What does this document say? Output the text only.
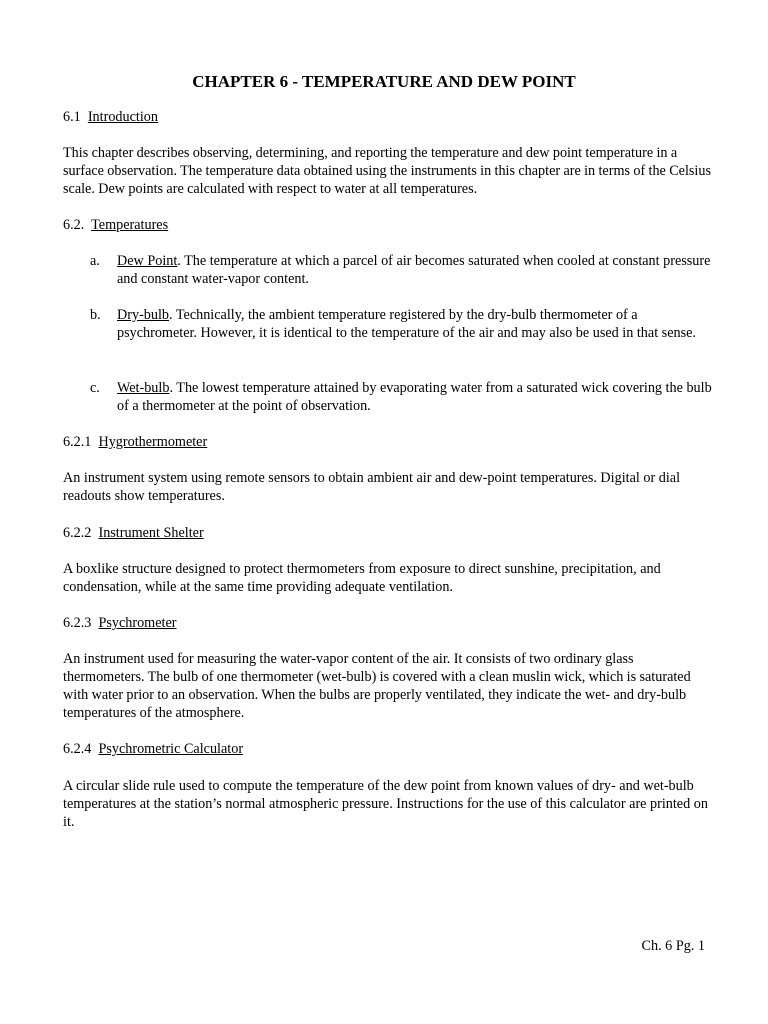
CHAPTER 6 - TEMPERATURE AND DEW POINT

6.1 Introduction

This chapter describes observing, determining, and reporting the temperature and dew point temperature in a surface observation. The temperature data obtained using the instruments in this chapter are in terms of the Celsius scale. Dew points are calculated with respect to water at all temperatures.

6.2. Temperatures

a.	Dew Point. The temperature at which a parcel of air becomes saturated when cooled at constant pressure and constant water-vapor content.
b.	Dry-bulb. Technically, the ambient temperature registered by the dry-bulb thermometer of a psychrometer. However, it is identical to the temperature of the air and may also be used in that sense.
c.	Wet-bulb. The lowest temperature attained by evaporating water from a saturated wick covering the bulb of a thermometer at the point of observation.

6.2.1 Hygrothermometer

An instrument system using remote sensors to obtain ambient air and dew-point temperatures. Digital or dial readouts show temperatures.

6.2.2 Instrument Shelter

A boxlike structure designed to protect thermometers from exposure to direct sunshine, precipitation, and condensation, while at the same time providing adequate ventilation.

6.2.3 Psychrometer

An instrument used for measuring the water-vapor content of the air. It consists of two ordinary glass thermometers. The bulb of one thermometer (wet-bulb) is covered with a clean muslin wick, which is saturated with water prior to an observation. When the bulbs are properly ventilated, they indicate the wet- and dry-bulb temperatures of the atmosphere.

6.2.4 Psychrometric Calculator

A circular slide rule used to compute the temperature of the dew point from known values of dry- and wet-bulb temperatures at the station’s normal atmospheric pressure. Instructions for the use of this calculator are printed on it.

Ch. 6 Pg. 1
